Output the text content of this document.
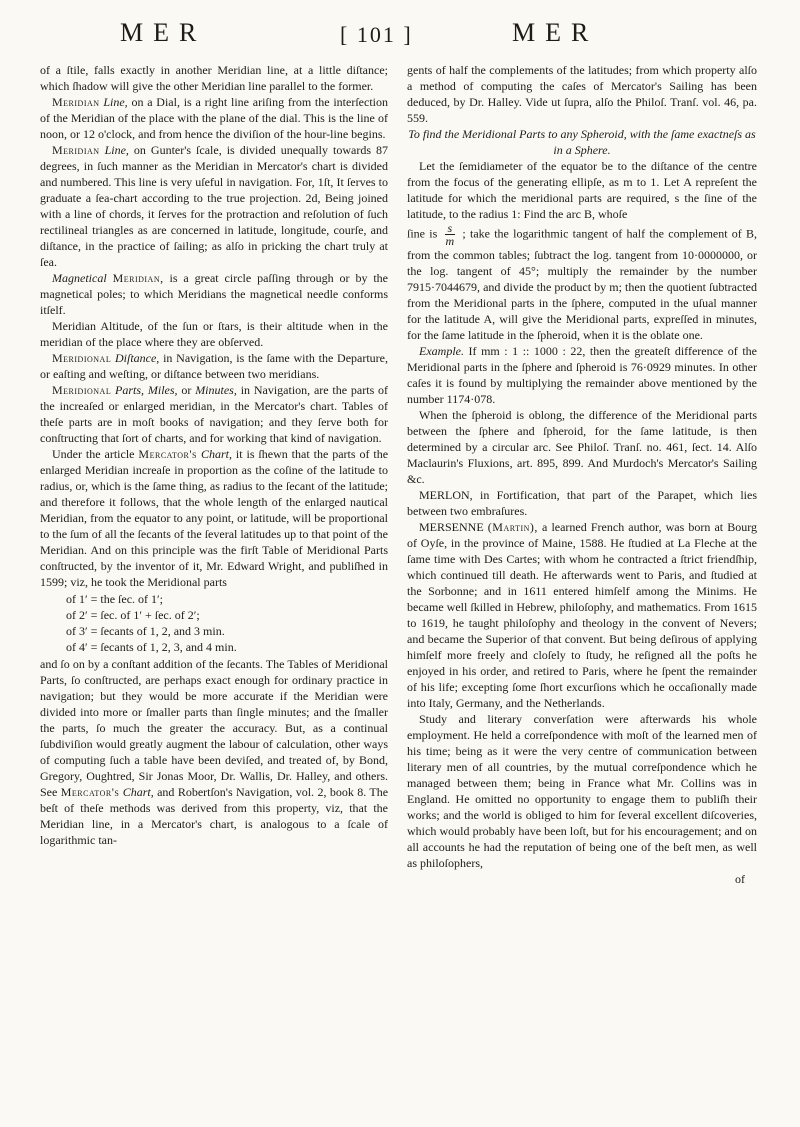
MER	[ 101 ]	MER

of a ſtile, falls exactly in another Meridian line, at a little diſtance; which ſhadow will give the other Meridian line parallel to the former.

Meridian Line, on a Dial, is a right line ariſing from the interſection of the Meridian of the place with the plane of the dial. This is the line of noon, or 12 o'clock, and from hence the diviſion of the hour-line begins.

Meridian Line, on Gunter's ſcale, is divided unequally towards 87 degrees, in ſuch manner as the Meridian in Mercator's chart is divided and numbered. This line is very uſeful in navigation. For, 1ſt, It ſerves to graduate a ſea-chart according to the true projection. 2d, Being joined with a line of chords, it ſerves for the protraction and reſolution of ſuch rectilineal triangles as are concerned in latitude, longitude, courſe, and diſtance, in the practice of ſailing; as alſo in pricking the chart truly at ſea.

Magnetical Meridian, is a great circle paſſing through or by the magnetical poles; to which Meridians the magnetical needle conforms itſelf.

Meridian Altitude, of the ſun or ſtars, is their altitude when in the meridian of the place where they are obſerved.

Meridional Diſtance, in Navigation, is the ſame with the Departure, or eaſting and weſting, or diſtance between two meridians.

Meridional Parts, Miles, or Minutes, in Navigation, are the parts of the increaſed or enlarged meridian, in the Mercator's chart. Tables of theſe parts are in moſt books of navigation; and they ſerve both for conſtructing that ſort of charts, and for working that kind of navigation.

Under the article Mercator's Chart, it is ſhewn that the parts of the enlarged Meridian increaſe in proportion as the coſine of the latitude to radius, or, which is the ſame thing, as radius to the ſecant of the latitude; and therefore it follows, that the whole length of the enlarged nautical Meridian, from the equator to any point, or latitude, will be proportional to the ſum of all the ſecants of the ſeveral latitudes up to that point of the Meridian. And on this principle was the firſt Table of Meridional Parts conſtructed, by the inventor of it, Mr. Edward Wright, and publiſhed in 1599; viz, he took the Meridional parts

of 1′ = the ſec. of 1′;
of 2′ = ſec. of 1′ + ſec. of 2′;
of 3′ = ſecants of 1, 2, and 3 min.
of 4′ = ſecants of 1, 2, 3, and 4 min.

and ſo on by a conſtant addition of the ſecants. The Tables of Meridional Parts, ſo conſtructed, are perhaps exact enough for ordinary practice in navigation; but they would be more accurate if the Meridian were divided into more or ſmaller parts than ſingle minutes; and the ſmaller the parts, ſo much the greater the accuracy. But, as a continual ſubdiviſion would greatly augment the labour of calculation, other ways of computing ſuch a table have been deviſed, and treated of, by Bond, Gregory, Oughtred, Sir Jonas Moor, Dr. Wallis, Dr. Halley, and others. See Mercator's Chart, and Robertſon's Navigation, vol. 2, book 8. The beſt of theſe methods was derived from this property, viz, that the Meridian line, in a Mercator's chart, is analogous to a ſcale of logarithmic tan-

gents of half the complements of the latitudes; from which property alſo a method of computing the caſes of Mercator's Sailing has been deduced, by Dr. Halley. Vide ut ſupra, alſo the Philoſ. Tranſ. vol. 46, pa. 559.

To find the Meridional Parts to any Spheroid, with the ſame exactneſs as in a Sphere.

Let the ſemidiameter of the equator be to the diſtance of the centre from the focus of the generating ellipſe, as m to 1. Let A repreſent the latitude for which the meridional parts are required, s the ſine of the latitude, to the radius 1: Find the arc B, whoſe

ſine is $\frac{s}{m}$ ; take the logarithmic tangent of half the complement of B, from the common tables; ſubtract the log. tangent from 10·0000000, or the log. tangent of 45°; multiply the remainder by the number 7915·7044679, and divide the product by m; then the quotient ſubtracted from the Meridional parts in the ſphere, computed in the uſual manner for the latitude A, will give the Meridional parts, expreſſed in minutes, for the ſame latitude in the ſpheroid, when it is the oblate one.

Example. If mm : 1 :: 1000 : 22, then the greateſt difference of the Meridional parts in the ſphere and ſpheroid is 76·0929 minutes. In other caſes it is found by multiplying the remainder above mentioned by the number 1174·078.

When the ſpheroid is oblong, the difference of the Meridional parts between the ſphere and ſpheroid, for the ſame latitude, is then determined by a circular arc. See Philoſ. Tranſ. no. 461, ſect. 14. Alſo Maclaurin's Fluxions, art. 895, 899. And Murdoch's Mercator's Sailing &c.

MERLON, in Fortification, that part of the Parapet, which lies between two embraſures.

MERSENNE (Martin), a learned French author, was born at Bourg of Oyſe, in the province of Maine, 1588. He ſtudied at La Fleche at the ſame time with Des Cartes; with whom he contracted a ſtrict friendſhip, which continued till death. He afterwards went to Paris, and ſtudied at the Sorbonne; and in 1611 entered himſelf among the Minims. He became well ſkilled in Hebrew, philoſophy, and mathematics. From 1615 to 1619, he taught philoſophy and theology in the convent of Nevers; and became the Superior of that convent. But being deſirous of applying himſelf more freely and cloſely to ſtudy, he reſigned all the poſts he enjoyed in his order, and retired to Paris, where he ſpent the remainder of his life; excepting ſome ſhort excurſions which he occaſionally made into Italy, Germany, and the Netherlands.

Study and literary converſation were afterwards his whole employment. He held a correſpondence with moſt of the learned men of his time; being as it were the very centre of communication between literary men of all countries, by the mutual correſpondence which he managed between them; being in France what Mr. Collins was in England. He omitted no opportunity to engage them to publiſh their works; and the world is obliged to him for ſeveral excellent diſcoveries, which would probably have been loſt, but for his encouragement; and on all accounts he had the reputation of being one of the beſt men, as well as philoſophers,

of
